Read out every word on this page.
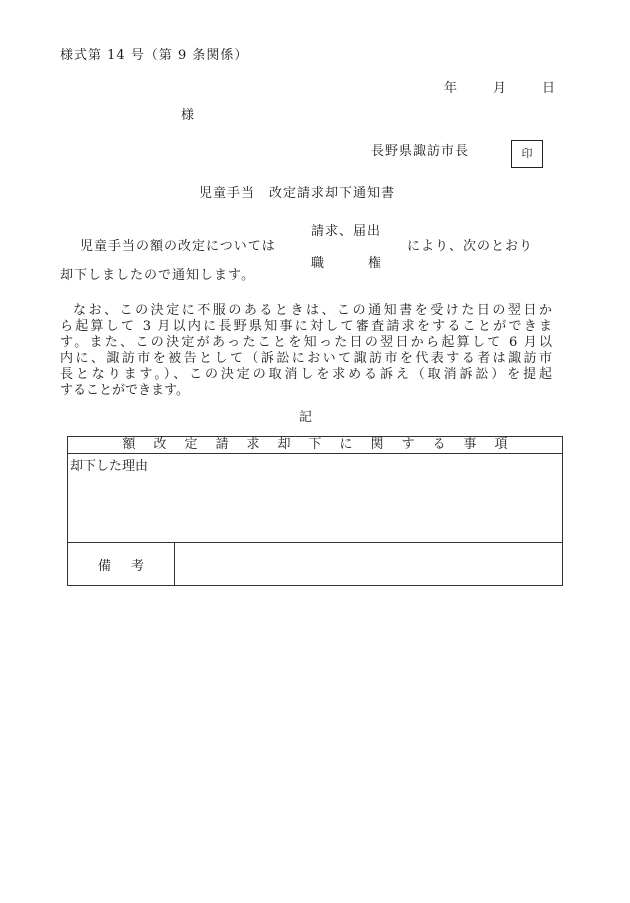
様式第 14 号（第 9 条関係）
年	月	日
様
長野県諏訪市長	印
児童手当　改定請求却下通知書
請求、届出
児童手当の額の改定については	により、次のとおり
職	権
却下しましたので通知します。
なお、この決定に不服のあるときは、この通知書を受けた日の翌日か
ら起算して 3 月以内に長野県知事に対して審査請求をすることができま
す。また、この決定があったことを知った日の翌日から起算して 6 月以
内に、諏訪市を被告として（訴訟において諏訪市を代表する者は諏訪市
長となります。）、この決定の取消しを求める訴え（取消訴訟）を提起
することができます。
記
額改定請求却下に関する事項
却下した理由
備考	
